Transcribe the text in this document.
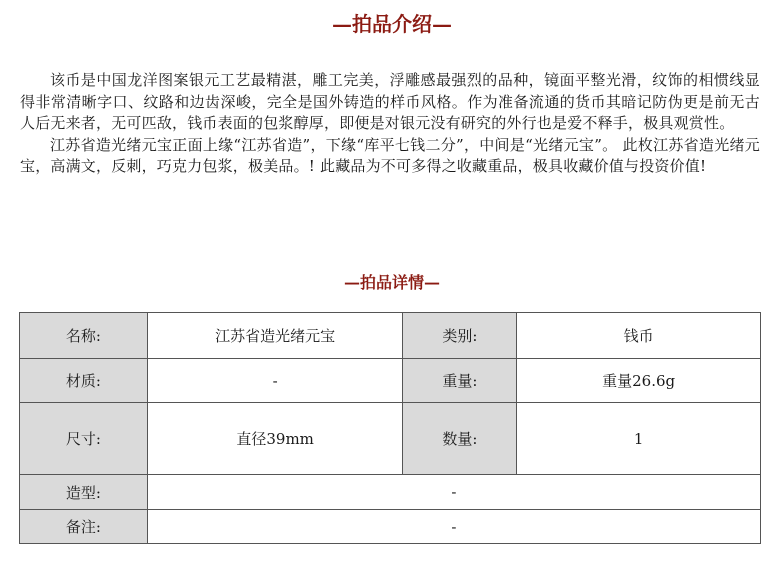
—拍品介绍—

该币是中国龙洋图案银元工艺最精湛，雕工完美，浮雕感最强烈的品种，镜面平整光滑，纹饰的相惯线显得非常清晰字口、纹路和边齿深峻，完全是国外铸造的样币风格。作为准备流通的货币其暗记防伪更是前无古人后无来者，无可匹敌，钱币表面的包浆醇厚，即便是对银元没有研究的外行也是爱不释手，极具观赏性。

江苏省造光绪元宝正面上缘“江苏省造”，下缘“库平七钱二分”，中间是“光绪元宝”。 此枚江苏省造光绪元宝，高满文，反刺，巧克力包浆，极美品。! 此藏品为不可多得之收藏重品，极具收藏价值与投资价值!

—拍品详情—
名称:	江苏省造光绪元宝	类别:	钱币
材质:	-	重量:	重量26.6g
尺寸:	直径39mm	数量:	1
造型:	-		
备注:	-		
